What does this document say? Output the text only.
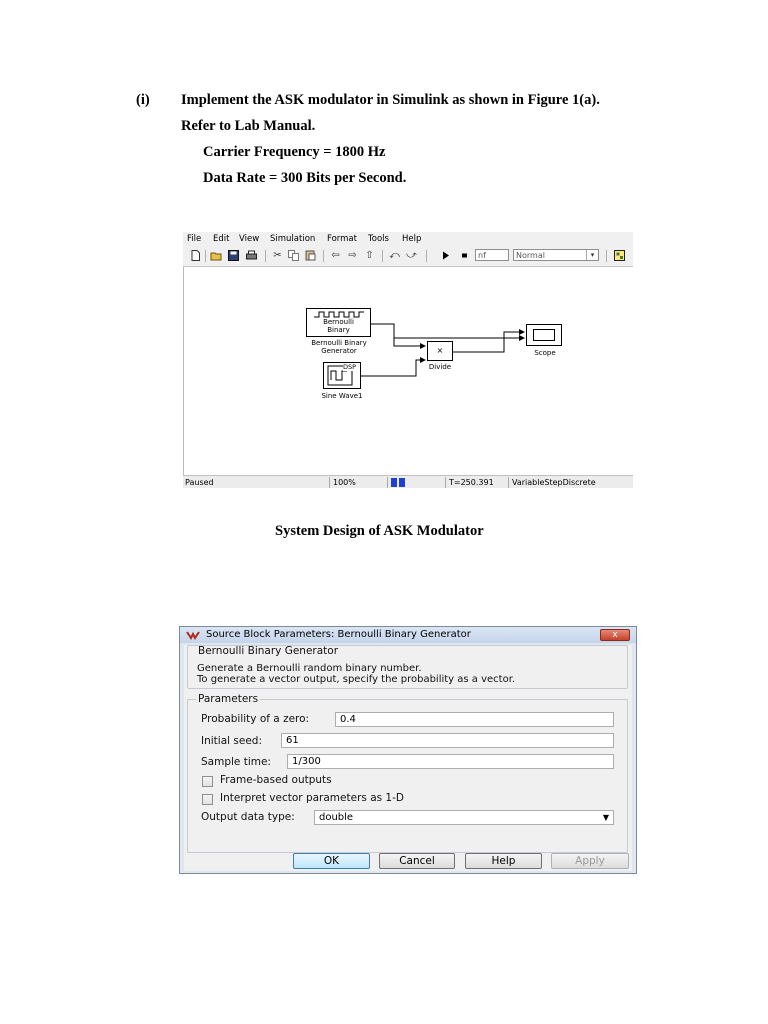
(i) Implement the ASK modulator in Simulink as shown in Figure 1(a).
Refer to Lab Manual.
Carrier Frequency = 1800 Hz
Data Rate = 300 Bits per Second.
File Edit View Simulation Format Tools Help
✂	⇦ ⇨ ⇧ ⤺ ⤻	nf	Normal	▾
Bernoulli
Binary
Bernoulli Binary
Generator
DSP
Sine Wave1
×
Divide
Scope
Paused	100%	T=250.391 VariableStepDiscrete
System Design of ASK Modulator
Source Block Parameters: Bernoulli Binary Generator	x
Bernoulli Binary Generator
Generate a Bernoulli random binary number.
To generate a vector output, specify the probability as a vector.
Parameters
Probability of a zero:	0.4
Initial seed:	61
Sample time:	1/300
Frame-based outputs
Interpret vector parameters as 1-D
Output data type:	double	▼
OK	Cancel	Help	Apply
